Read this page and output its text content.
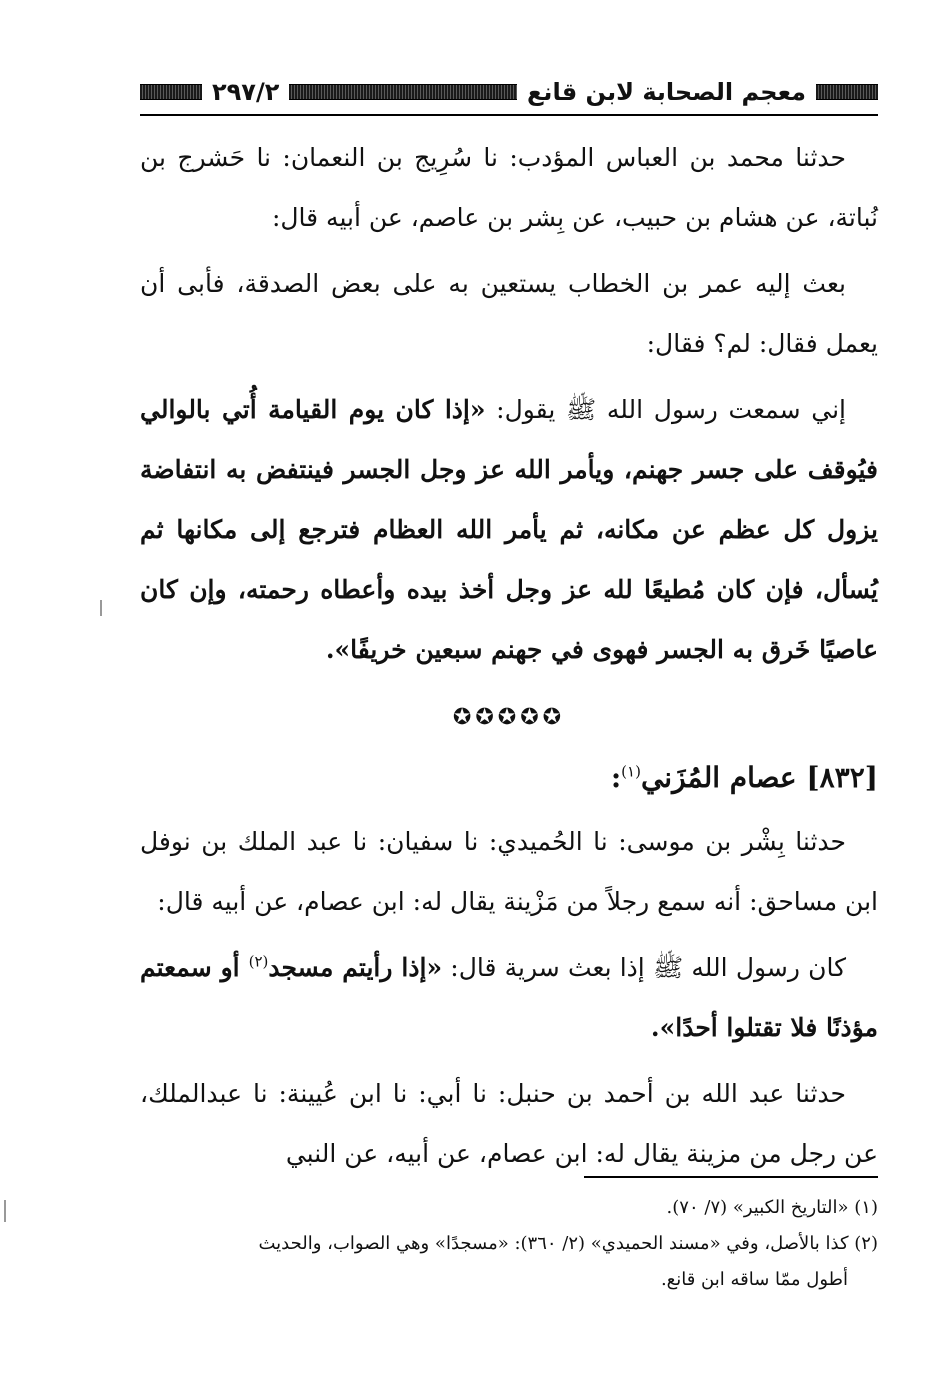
معجم الصحابة لابن قانع
٢٩٧/٢

حدثنا محمد بن العباس المؤدب: نا سُرِيج بن النعمان: نا حَشرج بن نُباتة، عن هشام بن حبيب، عن بِشر بن عاصم، عن أبيه قال:

بعث إليه عمر بن الخطاب يستعين به على بعض الصدقة، فأبى أن يعمل فقال: لم؟ فقال:

إني سمعت رسول الله ﷺ يقول: «إذا كان يوم القيامة أُتي بالوالي فيُوقف على جسر جهنم، ويأمر الله عز وجل الجسر فينتفض به انتفاضة يزول كل عظم عن مكانه، ثم يأمر الله العظام فترجع إلى مكانها ثم يُسأل، فإن كان مُطيعًا لله عز وجل أخذ بيده وأعطاه رحمته، وإن كان عاصيًا خَرق به الجسر فهوى في جهنم سبعين خريفًا».

✪✪✪✪✪
[٨٣٢] عصام المُزَني$^{(١)}$:

حدثنا بِشْر بن موسى: نا الحُميدي: نا سفيان: نا عبد الملك بن نوفل ابن مساحق: أنه سمع رجلاً من مَزْينة يقال له: ابن عصام، عن أبيه قال:

كان رسول الله ﷺ إذا بعث سرية قال: «إذا رأيتم مسجد$^{(٢)}$ أو سمعتم مؤذنًا فلا تقتلوا أحدًا».

حدثنا عبد الله بن أحمد بن حنبل: نا أبي: نا ابن عُيينة: نا عبدالملك، عن رجل من مزينة يقال له: ابن عصام، عن أبيه، عن النبي

(١) «التاريخ الكبير» (٧/ ٧٠).

(٢) كذا بالأصل، وفي «مسند الحميدي» (٢/ ٣٦٠): «مسجدًا» وهي الصواب، والحديث

أطول ممّا ساقه ابن قانع.
